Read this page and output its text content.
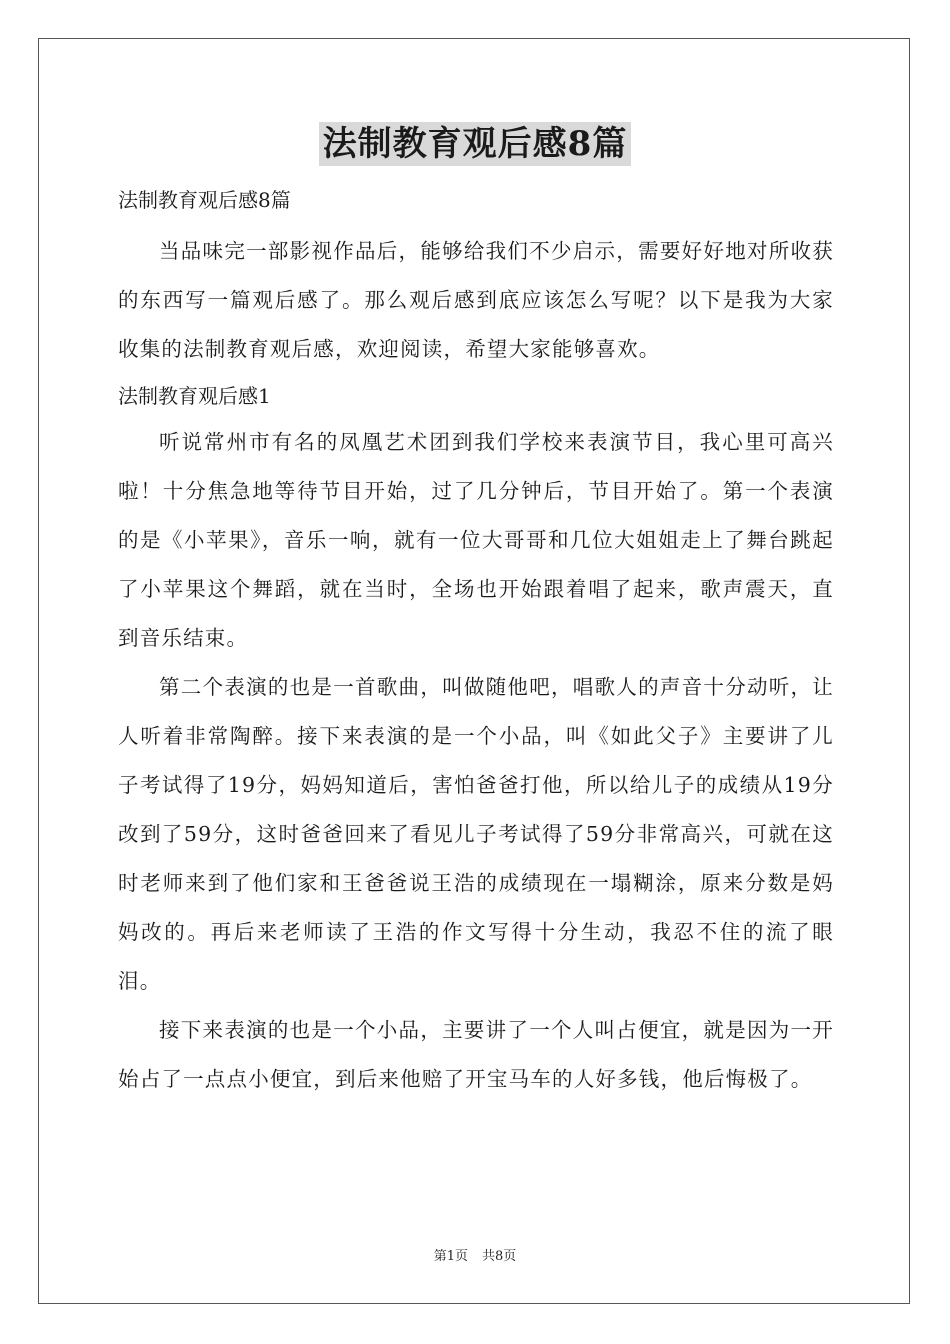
法制教育观后感8篇

法制教育观后感8篇

当品味完一部影视作品后，能够给我们不少启示，需要好好地对所收获的东西写一篇观后感了。那么观后感到底应该怎么写呢？以下是我为大家收集的法制教育观后感，欢迎阅读，希望大家能够喜欢。

法制教育观后感1

听说常州市有名的凤凰艺术团到我们学校来表演节目，我心里可高兴啦！十分焦急地等待节目开始，过了几分钟后，节目开始了。第一个表演的是《小苹果》，音乐一响，就有一位大哥哥和几位大姐姐走上了舞台跳起了小苹果这个舞蹈，就在当时，全场也开始跟着唱了起来，歌声震天，直到音乐结束。

第二个表演的也是一首歌曲，叫做随他吧，唱歌人的声音十分动听，让人听着非常陶醉。接下来表演的是一个小品，叫《如此父子》主要讲了儿子考试得了19分，妈妈知道后，害怕爸爸打他，所以给儿子的成绩从19分改到了59分，这时爸爸回来了看见儿子考试得了59分非常高兴，可就在这时老师来到了他们家和王爸爸说王浩的成绩现在一塌糊涂，原来分数是妈妈改的。再后来老师读了王浩的作文写得十分生动，我忍不住的流了眼泪。

接下来表演的也是一个小品，主要讲了一个人叫占便宜，就是因为一开始占了一点点小便宜，到后来他赔了开宝马车的人好多钱，他后悔极了。

第1页 共8页
